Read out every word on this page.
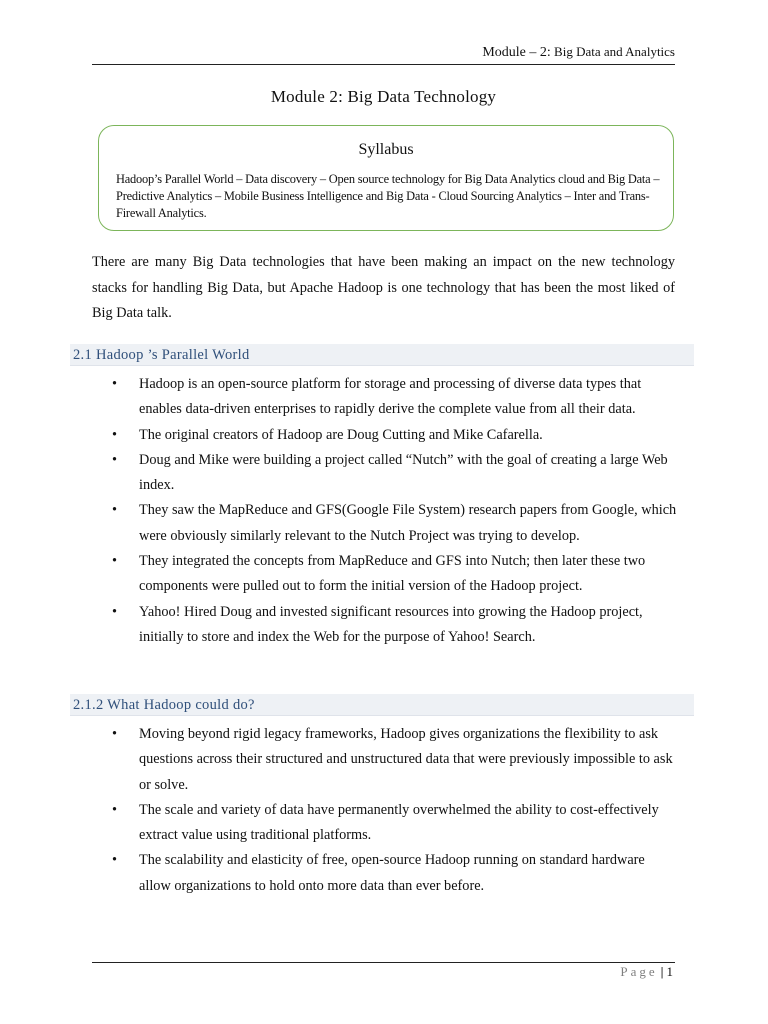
Module – 2: Big Data and Analytics
Module 2: Big Data Technology
Syllabus
Hadoop’s Parallel World – Data discovery – Open source technology for Big Data Analytics cloud and Big Data –Predictive Analytics – Mobile Business Intelligence and Big Data - Cloud Sourcing Analytics – Inter and Trans-Firewall Analytics.

There are many Big Data technologies that have been making an impact on the new technology stacks for handling Big Data, but Apache Hadoop is one technology that has been the most liked of Big Data talk.

2.1 Hadoop ’s Parallel World
• Hadoop is an open-source platform for storage and processing of diverse data types that enables data-driven enterprises to rapidly derive the complete value from all their data.
• The original creators of Hadoop are Doug Cutting and Mike Cafarella.
• Doug and Mike were building a project called “Nutch” with the goal of creating a large Web index.
• They saw the MapReduce and GFS(Google File System) research papers from Google, which were obviously similarly relevant to the Nutch Project was trying to develop.
• They integrated the concepts from MapReduce and GFS into Nutch; then later these two components were pulled out to form the initial version of the Hadoop project.
• Yahoo! Hired Doug and invested significant resources into growing the Hadoop project, initially to store and index the Web for the purpose of Yahoo! Search.
2.1.2 What Hadoop could do?
• Moving beyond rigid legacy frameworks, Hadoop gives organizations the flexibility to ask questions across their structured and unstructured data that were previously impossible to ask or solve.
• The scale and variety of data have permanently overwhelmed the ability to cost-effectively extract value using traditional platforms.
• The scalability and elasticity of free, open-source Hadoop running on standard hardware allow organizations to hold onto more data than ever before.
Page | 1
